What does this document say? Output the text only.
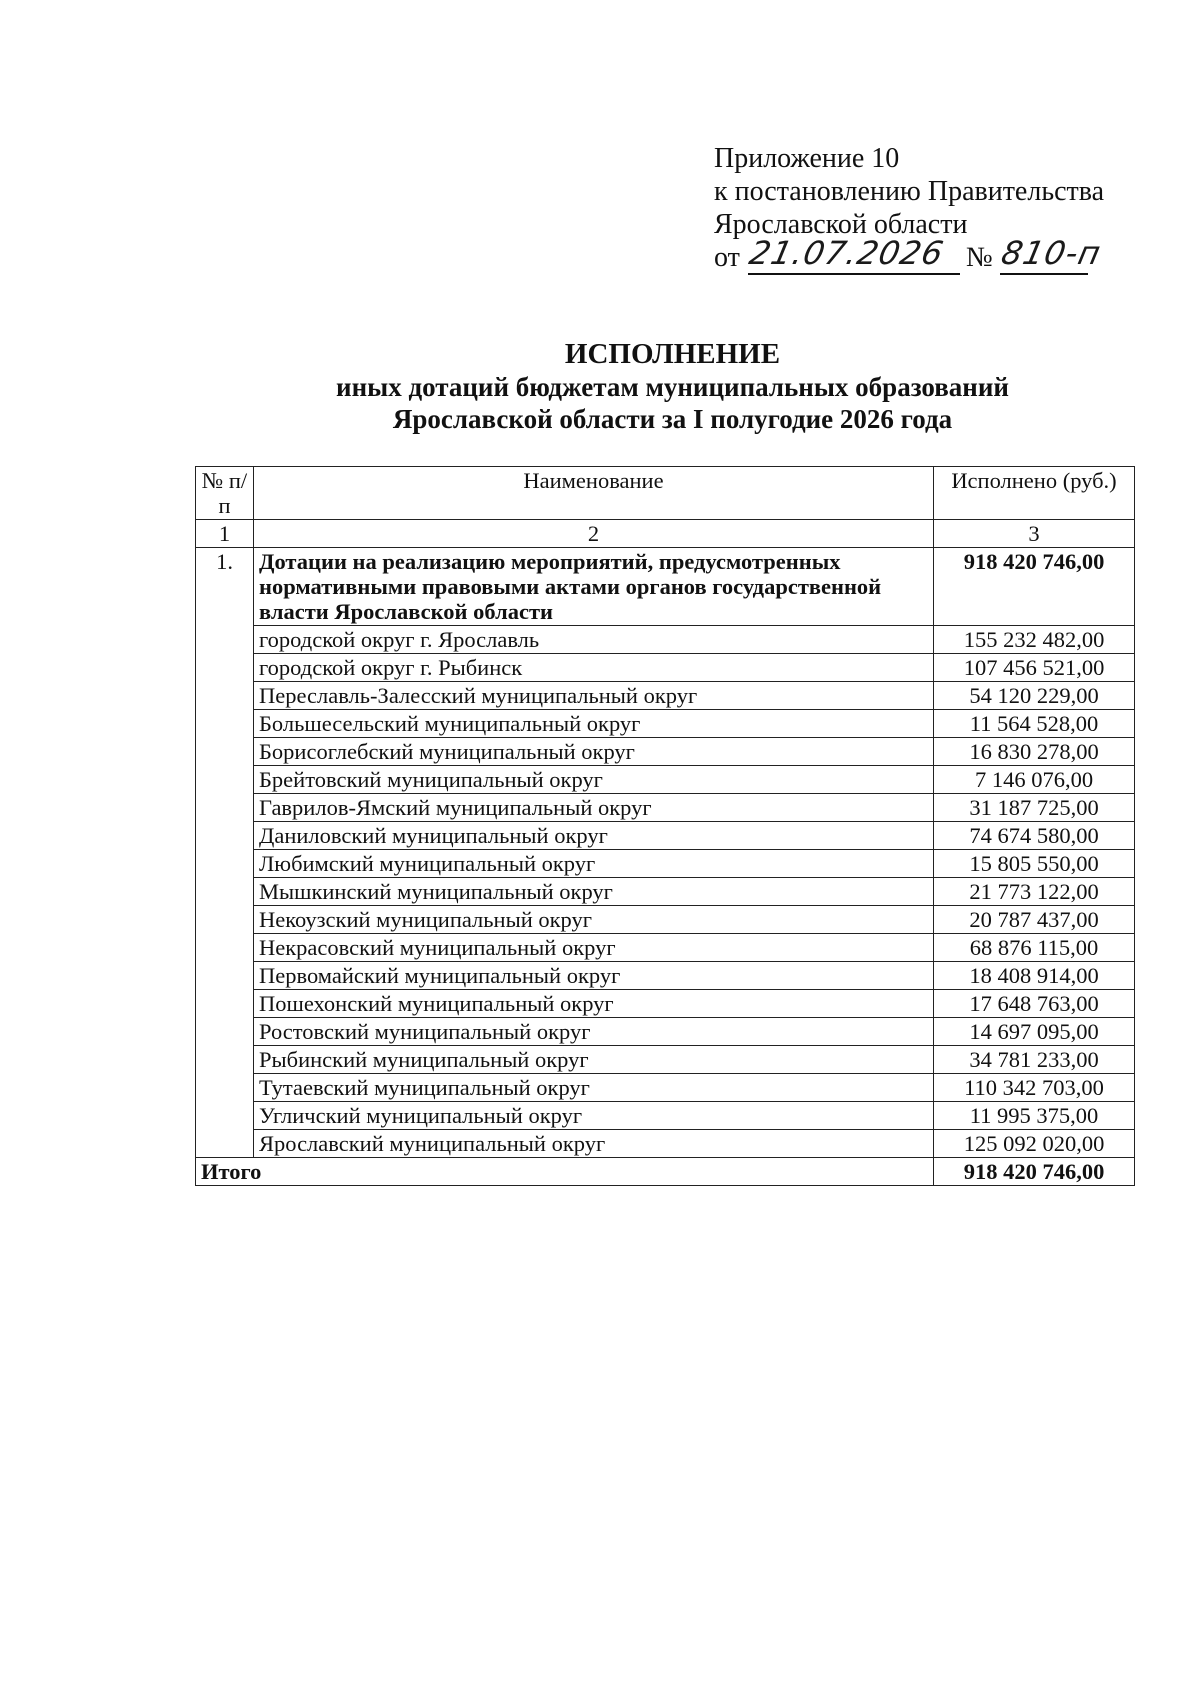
Приложение 10
к постановлению Правительства
Ярославской области
от 21.07.2026 № 810-п
ИСПОЛНЕНИЕ
иных дотаций бюджетам муниципальных образований
Ярославской области за I полугодие 2026 года
№ п/п	Наименование	Исполнено (руб.)
1	2	3
1.	Дотации на реализацию мероприятий, предусмотренных нормативными правовыми актами органов государственной власти Ярославской области	918 420 746,00
	городской округ г. Ярославль	155 232 482,00
	городской округ г. Рыбинск	107 456 521,00
	Переславль-Залесский муниципальный округ	54 120 229,00
	Большесельский муниципальный округ	11 564 528,00
	Борисоглебский муниципальный округ	16 830 278,00
	Брейтовский муниципальный округ	7 146 076,00
	Гаврилов-Ямский муниципальный округ	31 187 725,00
	Даниловский муниципальный округ	74 674 580,00
	Любимский муниципальный округ	15 805 550,00
	Мышкинский муниципальный округ	21 773 122,00
	Некоузский муниципальный округ	20 787 437,00
	Некрасовский муниципальный округ	68 876 115,00
	Первомайский муниципальный округ	18 408 914,00
	Пошехонский муниципальный округ	17 648 763,00
	Ростовский муниципальный округ	14 697 095,00
	Рыбинский муниципальный округ	34 781 233,00
	Тутаевский муниципальный округ	110 342 703,00
	Угличский муниципальный округ	11 995 375,00
	Ярославский муниципальный округ	125 092 020,00
Итого		918 420 746,00
